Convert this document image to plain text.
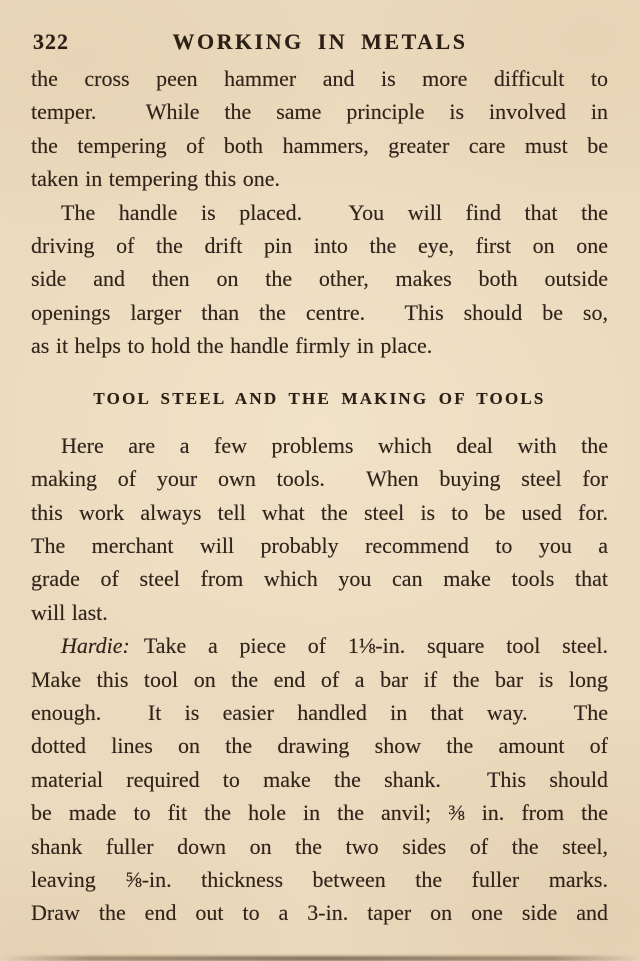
322	WORKING IN METALS
the cross peen hammer and is more difficult to
temper.  While the same principle is involved in
the tempering of both hammers, greater care must be
taken in tempering this one.
The handle is placed.  You will find that the
driving of the drift pin into the eye, first on one
side and then on the other, makes both outside
openings larger than the centre.  This should be so,
as it helps to hold the handle firmly in place.
TOOL STEEL AND THE MAKING OF TOOLS
Here are a few problems which deal with the
making of your own tools.  When buying steel for
this work always tell what the steel is to be used for.
The merchant will probably recommend to you a
grade of steel from which you can make tools that
will last.
Hardie: Take a piece of 1⅛-in. square tool steel.
Make this tool on the end of a bar if the bar is long
enough.  It is easier handled in that way.  The
dotted lines on the drawing show the amount of
material required to make the shank.  This should
be made to fit the hole in the anvil; ⅜ in. from the
shank fuller down on the two sides of the steel,
leaving ⅝-in. thickness between the fuller marks.
Draw the end out to a 3-in. taper on one side and
